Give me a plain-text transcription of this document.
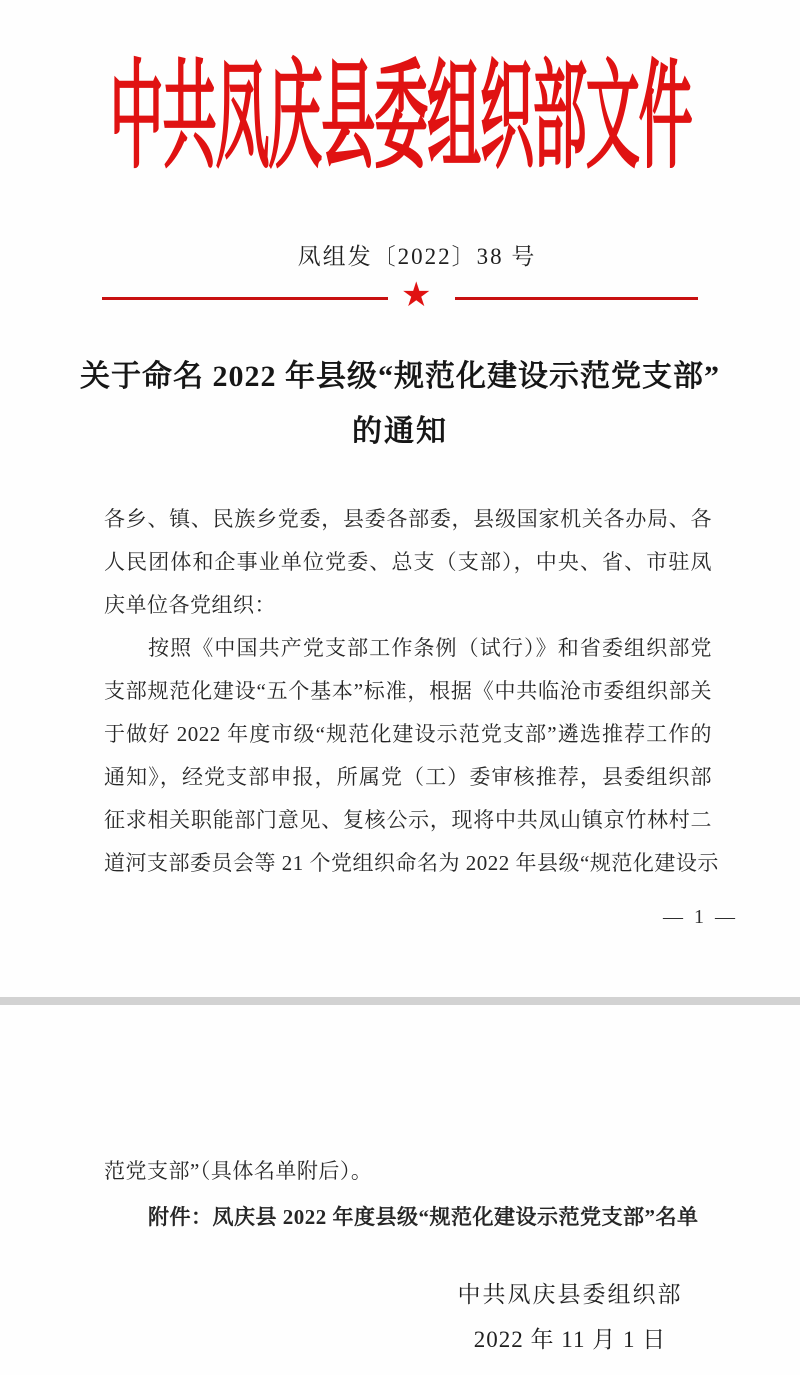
中共凤庆县委组织部文件
凤组发〔2022〕38 号
★
关于命名 2022 年县级“规范化建设示范党支部”
的通知
各乡、镇、民族乡党委，县委各部委，县级国家机关各办局、各
人民团体和企事业单位党委、总支（支部），中央、省、市驻凤
庆单位各党组织：
按照《中国共产党支部工作条例（试行）》和省委组织部党
支部规范化建设“五个基本”标准，根据《中共临沧市委组织部关
于做好 2022 年度市级“规范化建设示范党支部”遴选推荐工作的
通知》，经党支部申报，所属党（工）委审核推荐，县委组织部
征求相关职能部门意见、复核公示，现将中共凤山镇京竹林村二
道河支部委员会等 21 个党组织命名为 2022 年县级“规范化建设示
— 1 —
范党支部”（具体名单附后）。
附件：凤庆县 2022 年度县级“规范化建设示范党支部”名单
中共凤庆县委组织部
2022 年 11 月 1 日
